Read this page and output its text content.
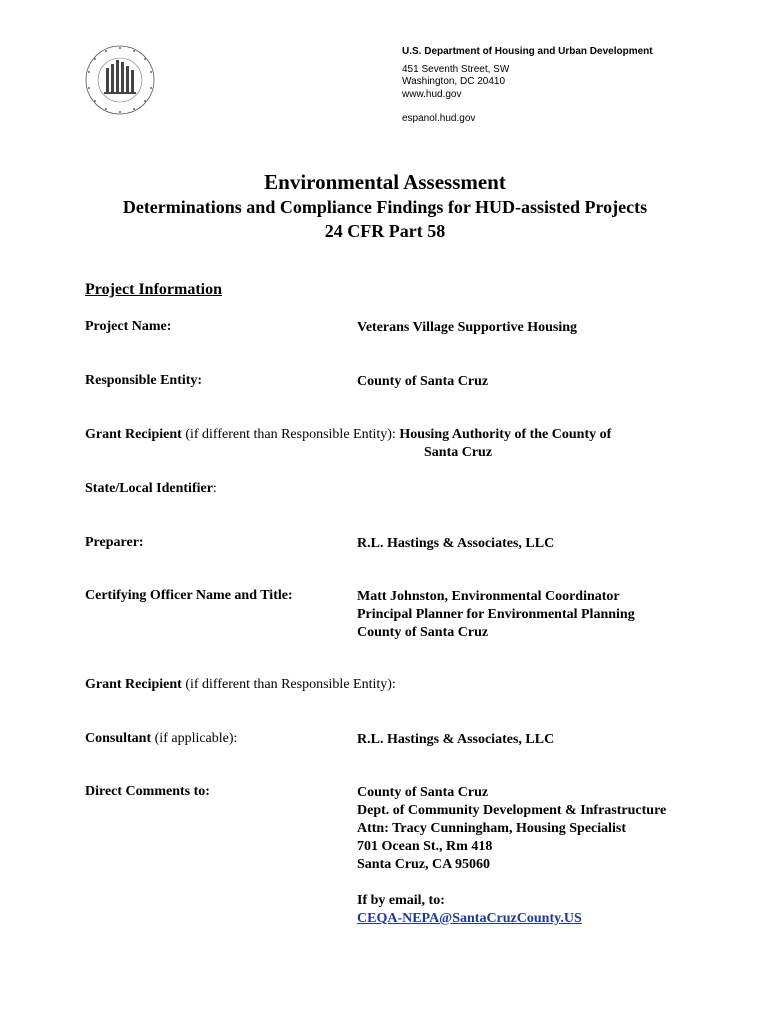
U.S. Department of Housing and Urban Development
451 Seventh Street, SW
Washington, DC 20410
www.hud.gov
espanol.hud.gov
Environmental Assessment
Determinations and Compliance Findings for HUD-assisted Projects
24 CFR Part 58
Project Information
Project Name:	Veterans Village Supportive Housing
Responsible Entity:	County of Santa Cruz
Grant Recipient (if different than Responsible Entity): Housing Authority of the County of
Santa Cruz
State/Local Identifier:
Preparer:	R.L. Hastings & Associates, LLC
Certifying Officer Name and Title:	Matt Johnston, Environmental Coordinator
Principal Planner for Environmental Planning
County of Santa Cruz
Grant Recipient (if different than Responsible Entity):
Consultant (if applicable):	R.L. Hastings & Associates, LLC
Direct Comments to:	County of Santa Cruz
Dept. of Community Development & Infrastructure
Attn: Tracy Cunningham, Housing Specialist
701 Ocean St., Rm 418
Santa Cruz, CA 95060
If by email, to:
CEQA-NEPA@SantaCruzCounty.US
